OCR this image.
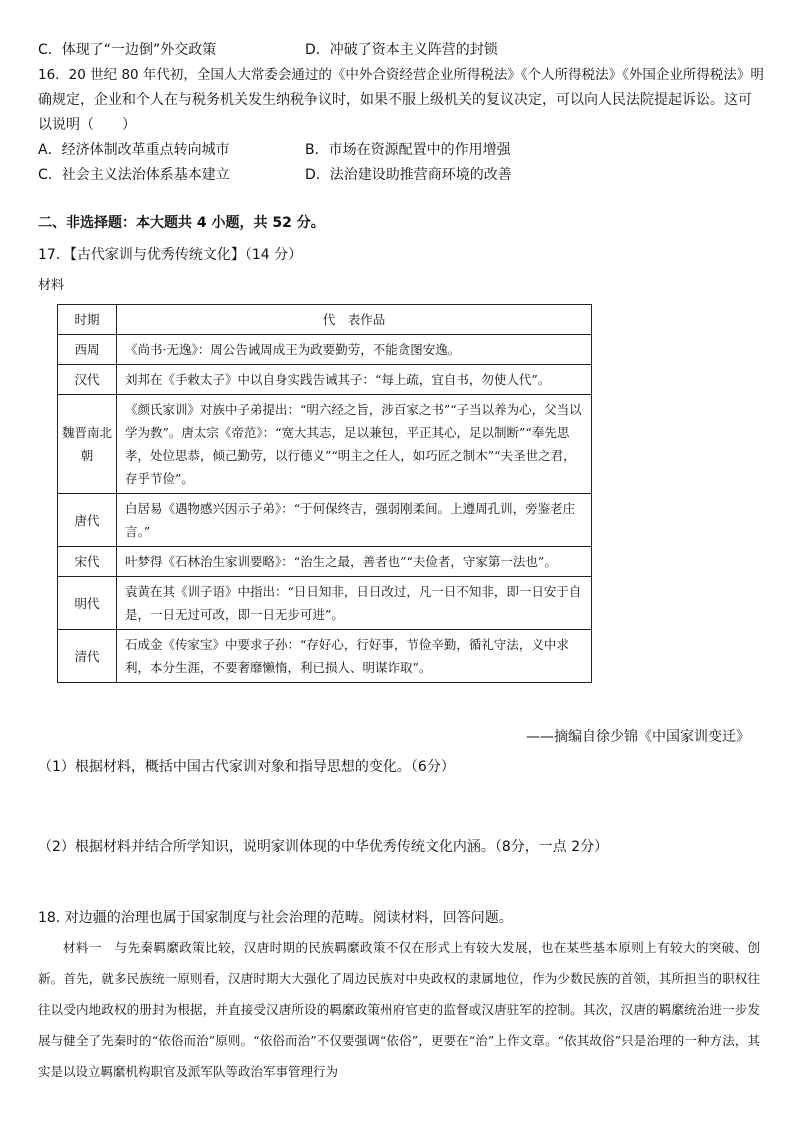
C．体现了“一边倒”外交政策	D．冲破了资本主义阵营的封锁
16．20 世纪 80 年代初，全国人大常委会通过的《中外合资经营企业所得税法》《个人所得税法》《外国企业所得税法》明
确规定，企业和个人在与税务机关发生纳税争议时，如果不服上级机关的复议决定，可以向人民法院提起诉讼。这可
以说明（　　）
A．经济体制改革重点转向城市	B．市场在资源配置中的作用增强
C．社会主义法治体系基本建立	D．法治建设助推营商环境的改善
二、非选择题：本大题共 4 小题，共 52 分。
17．【古代家训与优秀传统文化】（14 分）
材料
时期	代　表作品
西周	《尚书·无逸》：周公告诫周成王为政要勤劳，不能贪图安逸。
汉代	刘邦在《手敕太子》中以自身实践告诫其子：“每上疏，宜自书，勿使人代”。
魏晋南北朝	《颜氏家训》对族中子弟提出：“明六经之旨，涉百家之书”“子当以养为心，父当以学为教”。唐太宗《帝范》：“宽大其志，足以兼包，平正其心，足以制断”“奉先思孝，处位思恭，倾己勤劳，以行德义”“明主之任人，如巧匠之制木”“夫圣世之君，存乎节俭”。
唐代	白居易《遇物感兴因示子弟》：“于何保终吉，强弱刚柔间。上遵周孔训，旁鉴老庄言。”
宋代	叶梦得《石林治生家训要略》：“治生之最，善者也”“夫俭者，守家第一法也”。
明代	袁黄在其《训子语》中指出：“日日知非，日日改过，凡一日不知非，即一日安于自是，一日无过可改，即一日无步可进”。
清代	石成金《传家宝》中要求子孙：“存好心，行好事，节俭辛勤，循礼守法，义中求利，本分生涯，不要奢靡懒惰，利已损人、明谋诈取”。
——摘编自徐少锦《中国家训变迁》
（1）根据材料，概括中国古代家训对象和指导思想的变化。（6分）
（2）根据材料并结合所学知识，说明家训体现的中华优秀传统文化内涵。（8分，一点 2分）
18. 对边疆的治理也属于国家制度与社会治理的范畴。阅读材料，回答问题。
材料一　与先秦羁縻政策比较，汉唐时期的民族羁縻政策不仅在形式上有较大发展，也在某些基本原则上有较大的突破、创新。首先，就多民族统一原则看，汉唐时期大大强化了周边民族对中央政权的隶属地位，作为少数民族的首领，其所担当的职权往往以受内地政权的册封为根据，并直接受汉唐所设的羁縻政策州府官吏的监督或汉唐驻军的控制。其次，汉唐的羁縻统治进一步发展与健全了先秦时的“依俗而治”原则。“依俗而治”不仅要强调“依俗”，更要在“治”上作文章。“依其故俗”只是治理的一种方法，其实是以设立羁縻机构职官及派军队等政治军事管理行为
